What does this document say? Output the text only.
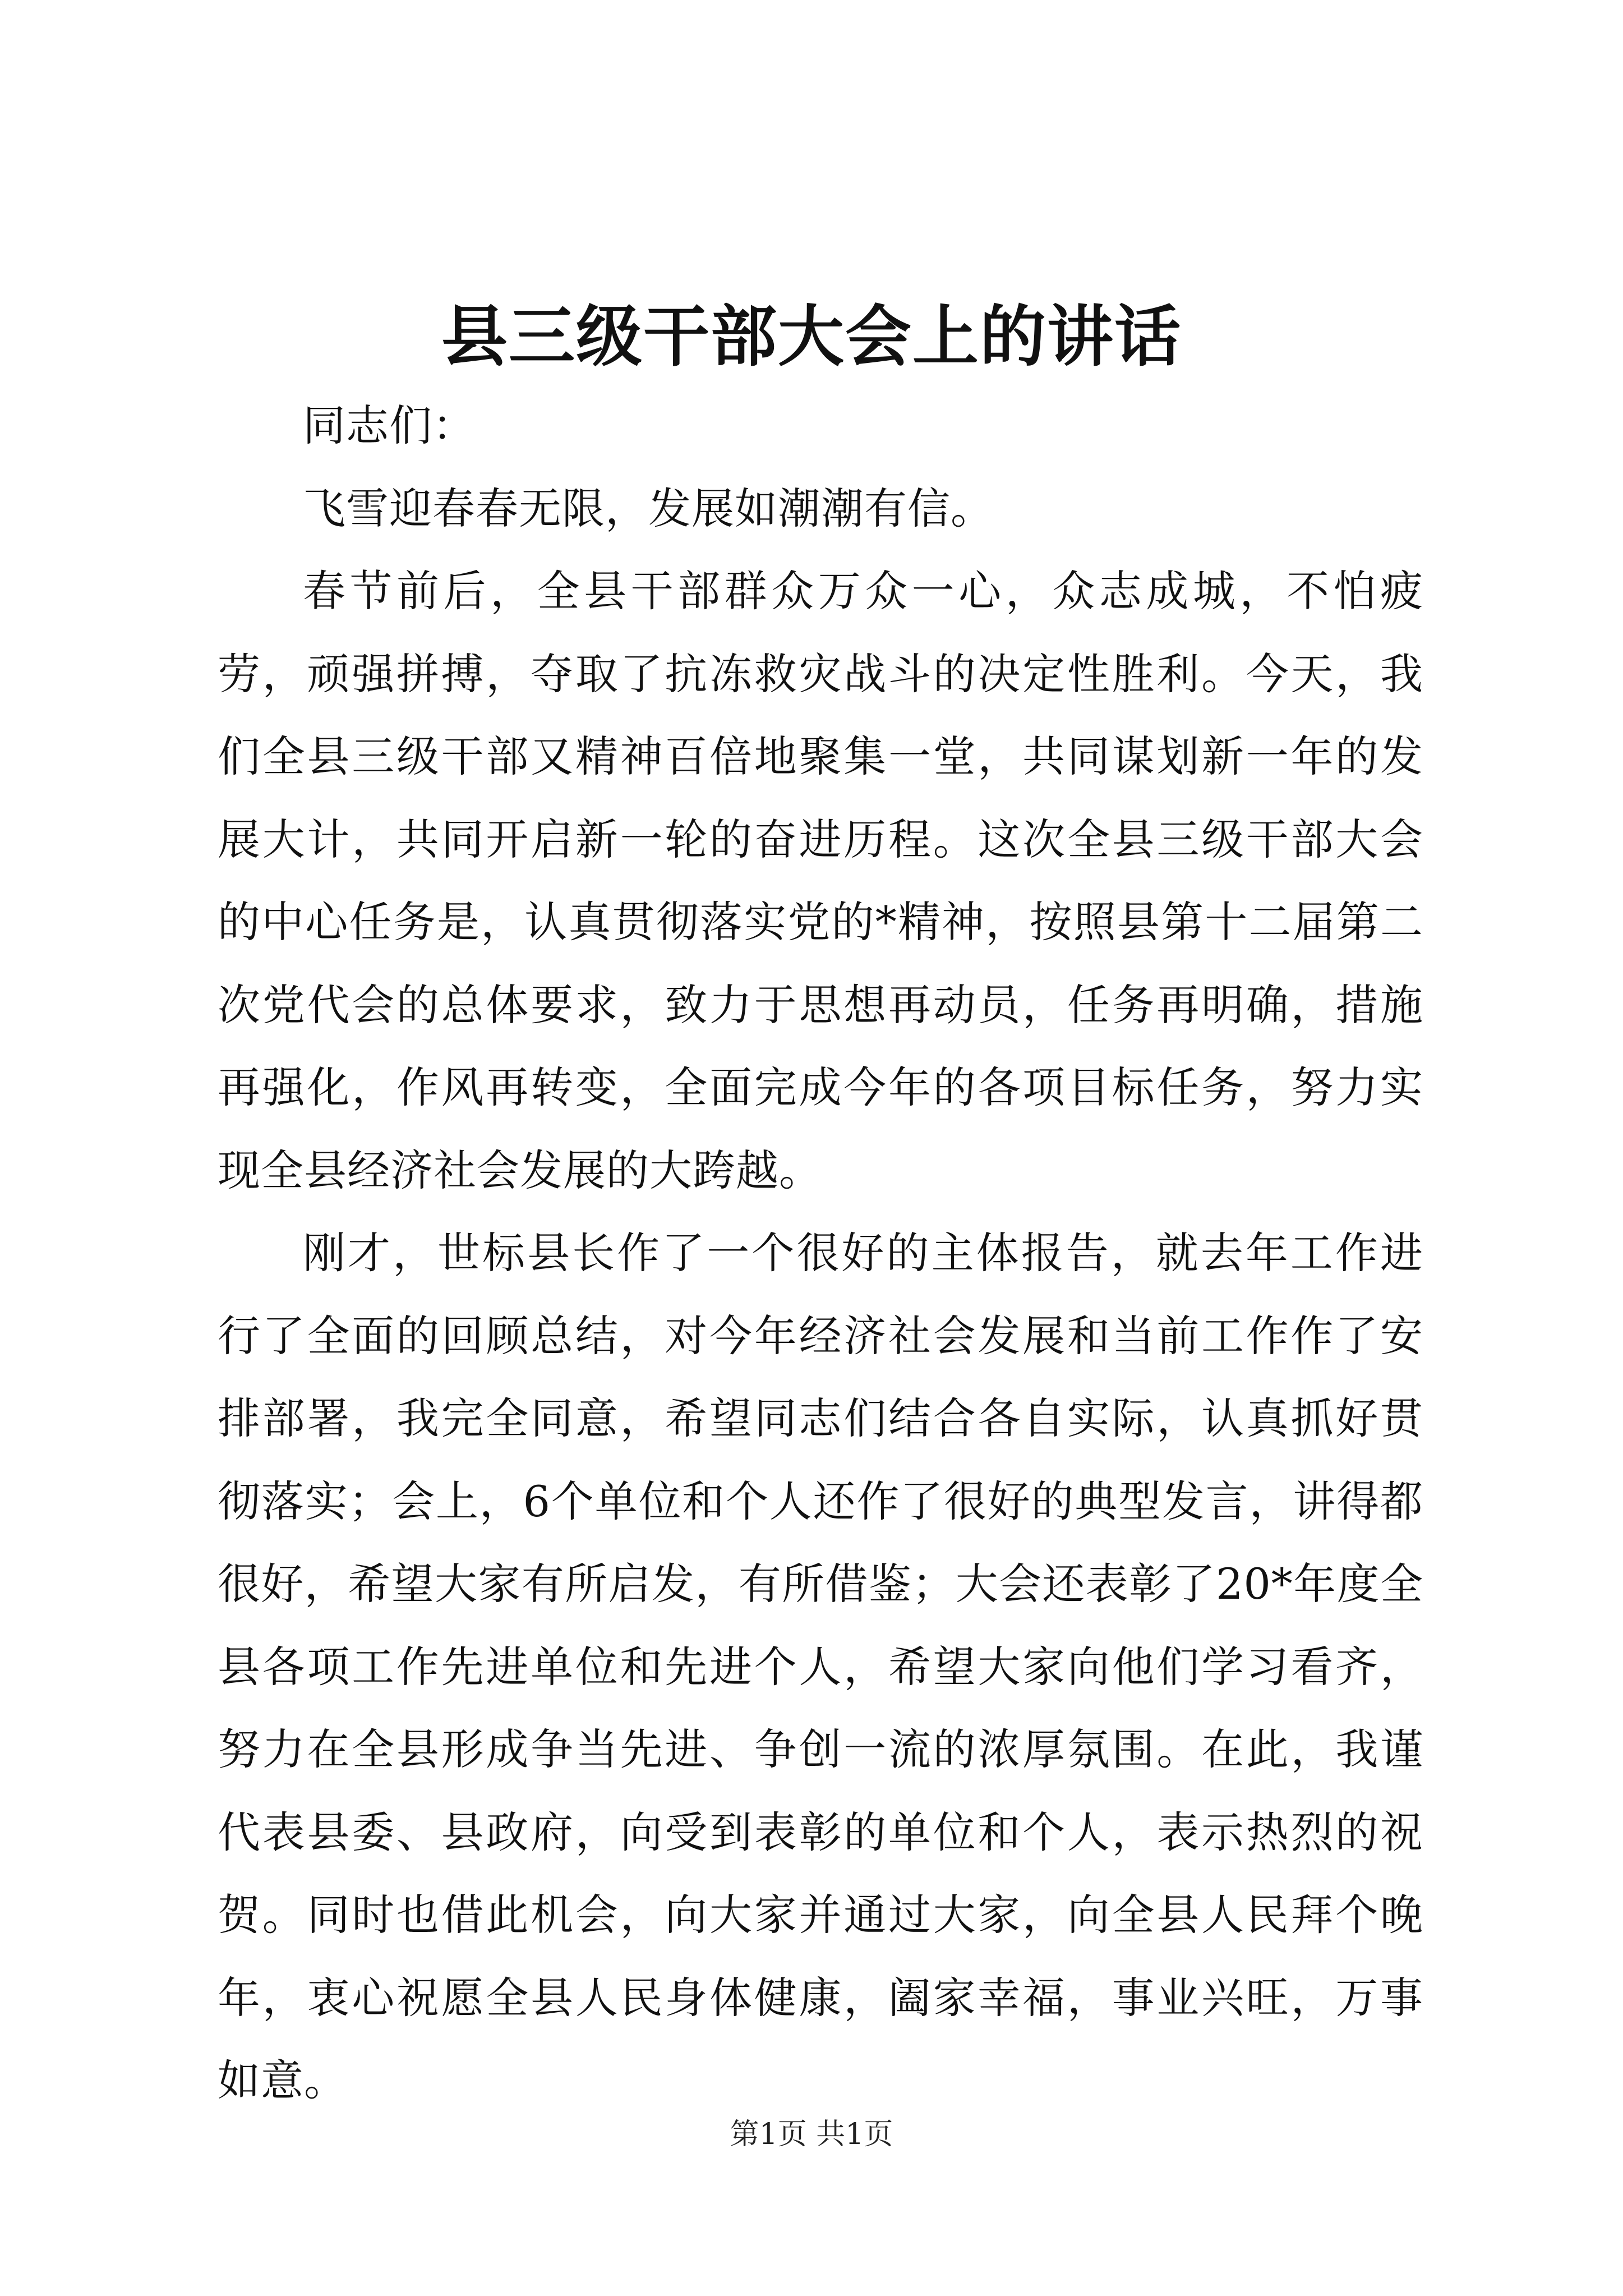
县三级干部大会上的讲话

同志们：

飞雪迎春春无限，发展如潮潮有信。

春节前后，全县干部群众万众一心，众志成城，不怕疲劳，顽强拼搏，夺取了抗冻救灾战斗的决定性胜利。今天，我们全县三级干部又精神百倍地聚集一堂，共同谋划新一年的发展大计，共同开启新一轮的奋进历程。这次全县三级干部大会的中心任务是，认真贯彻落实党的*精神，按照县第十二届第二次党代会的总体要求，致力于思想再动员，任务再明确，措施再强化，作风再转变，全面完成今年的各项目标任务，努力实现全县经济社会发展的大跨越。

刚才，世标县长作了一个很好的主体报告，就去年工作进行了全面的回顾总结，对今年经济社会发展和当前工作作了安排部署，我完全同意，希望同志们结合各自实际，认真抓好贯彻落实；会上，6个单位和个人还作了很好的典型发言，讲得都很好，希望大家有所启发，有所借鉴；大会还表彰了20*年度全县各项工作先进单位和先进个人，希望大家向他们学习看齐，努力在全县形成争当先进、争创一流的浓厚氛围。在此，我谨代表县委、县政府，向受到表彰的单位和个人，表示热烈的祝贺。同时也借此机会，向大家并通过大家，向全县人民拜个晚年，衷心祝愿全县人民身体健康，阖家幸福，事业兴旺，万事如意。

第1页 共1页
